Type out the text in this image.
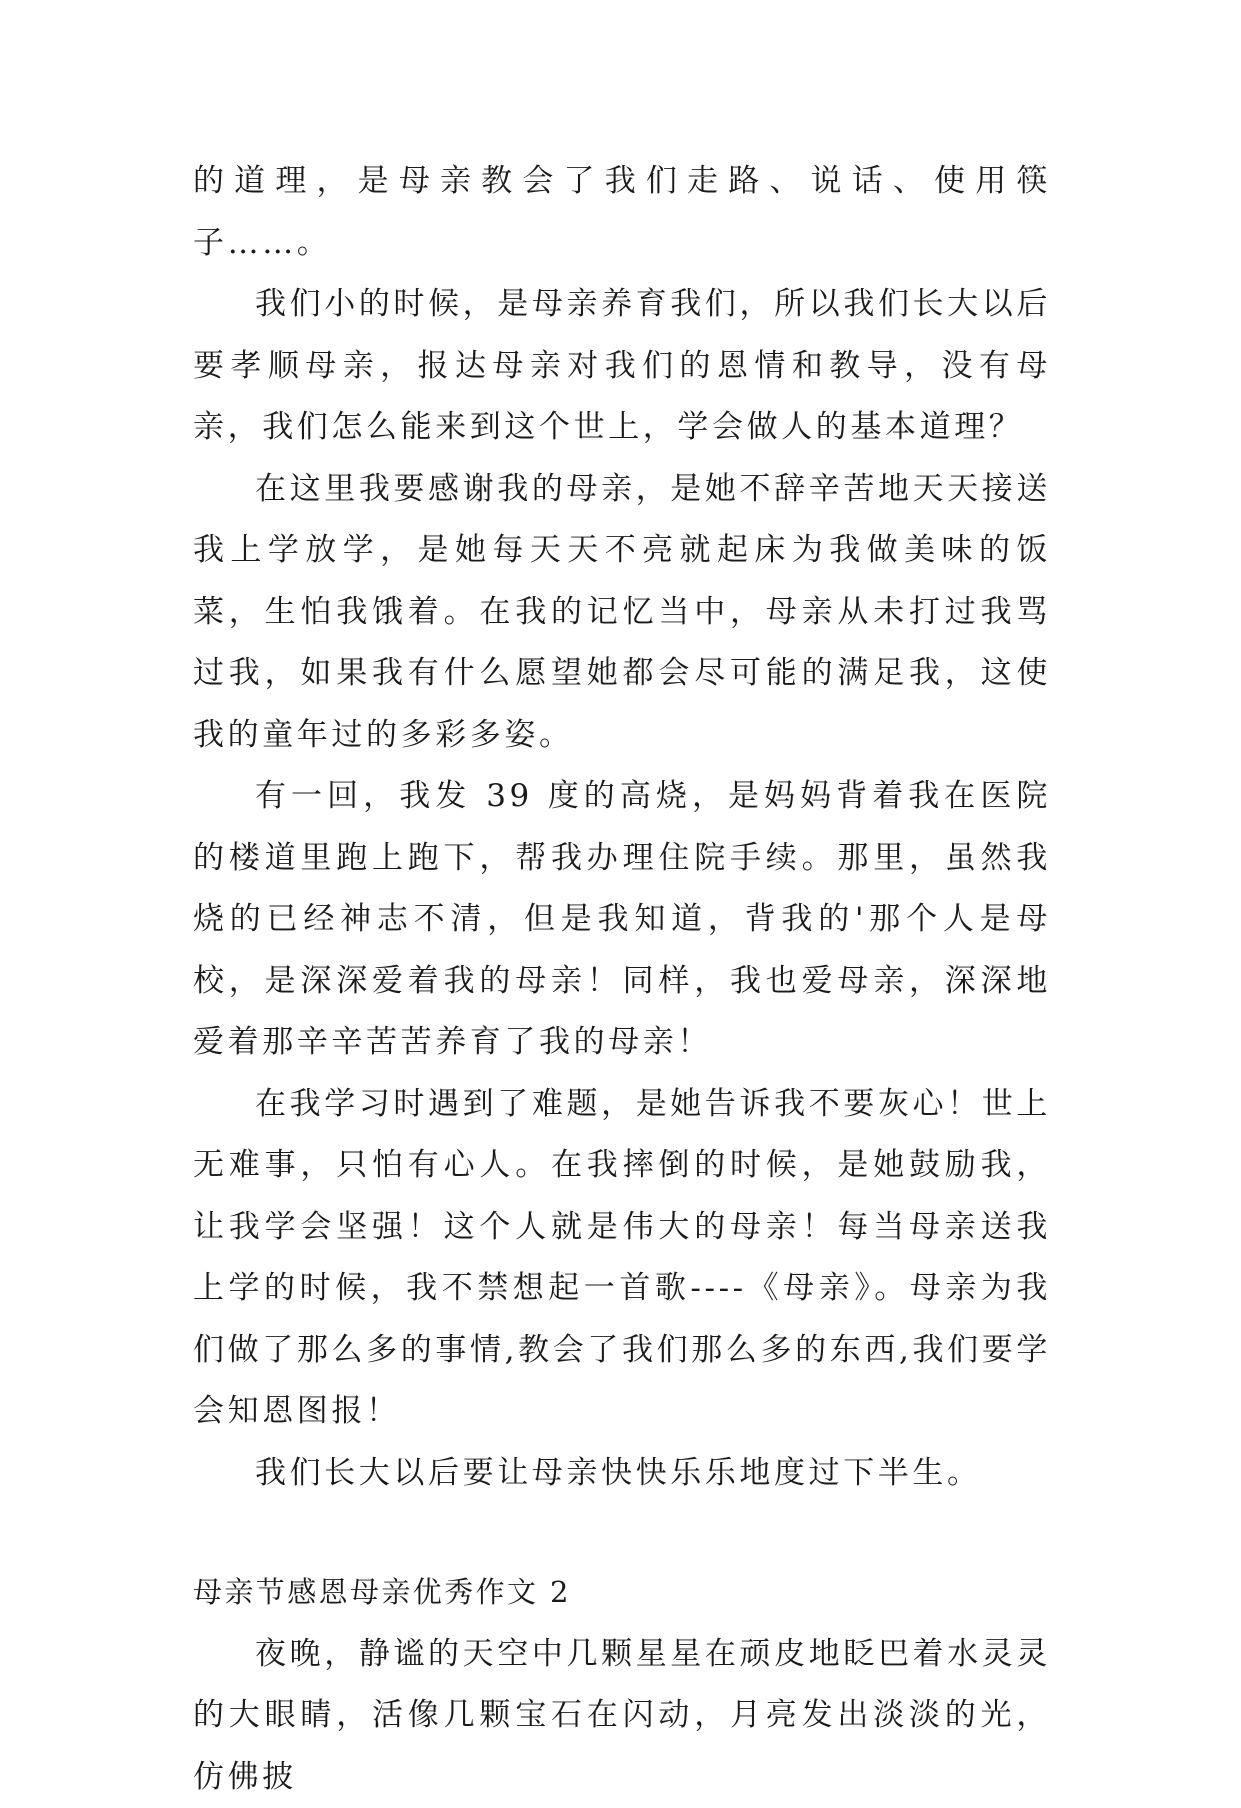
的道理，是母亲教会了我们走路、说话、使用筷子……。

我们小的时候，是母亲养育我们，所以我们长大以后要孝顺母亲，报达母亲对我们的恩情和教导，没有母亲，我们怎么能来到这个世上，学会做人的基本道理？

在这里我要感谢我的母亲，是她不辞辛苦地天天接送我上学放学，是她每天天不亮就起床为我做美味的饭菜，生怕我饿着。在我的记忆当中，母亲从未打过我骂过我，如果我有什么愿望她都会尽可能的满足我，这使我的童年过的多彩多姿。

有一回，我发 39 度的高烧，是妈妈背着我在医院的楼道里跑上跑下，帮我办理住院手续。那里，虽然我烧的已经神志不清，但是我知道，背我的'那个人是母校，是深深爱着我的母亲！同样，我也爱母亲，深深地爱着那辛辛苦苦养育了我的母亲！

在我学习时遇到了难题，是她告诉我不要灰心！世上无难事，只怕有心人。在我摔倒的时候，是她鼓励我，让我学会坚强！这个人就是伟大的母亲！每当母亲送我上学的时候，我不禁想起一首歌----《母亲》。母亲为我们做了那么多的事情,教会了我们那么多的东西,我们要学会知恩图报！

我们长大以后要让母亲快快乐乐地度过下半生。

母亲节感恩母亲优秀作文 2

夜晚，静谧的天空中几颗星星在顽皮地眨巴着水灵灵的大眼睛，活像几颗宝石在闪动，月亮发出淡淡的光，仿佛披
